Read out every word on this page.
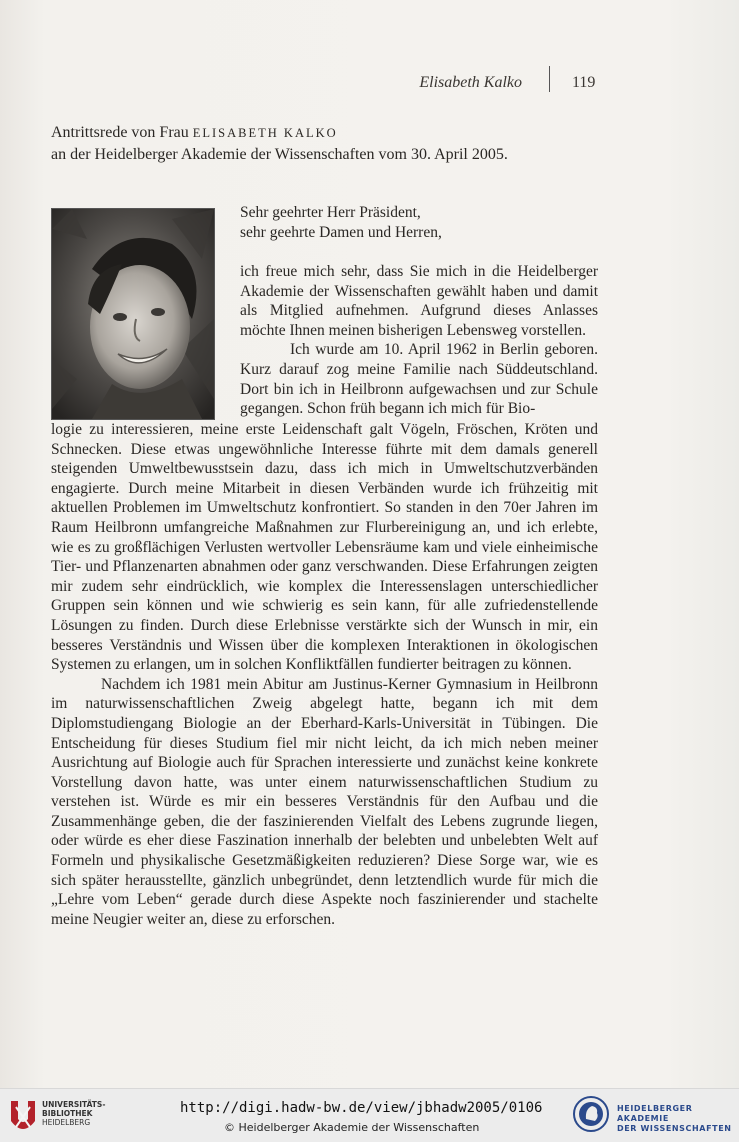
Elisabeth Kalko	119
Antrittsrede von Frau ELISABETH KALKO
an der Heidelberger Akademie der Wissenschaften vom 30. April 2005.

Sehr geehrter Herr Präsident,

sehr geehrte Damen und Herren,

ich freue mich sehr, dass Sie mich in die Heidelberger Akademie der Wissenschaften gewählt haben und damit als Mitglied aufnehmen. Aufgrund dieses Anlasses möchte Ihnen meinen bisherigen Lebensweg vorstellen.

Ich wurde am 10. April 1962 in Berlin geboren. Kurz darauf zog meine Familie nach Süddeutschland. Dort bin ich in Heilbronn aufgewachsen und zur Schule gegangen. Schon früh begann ich mich für Bio-

logie zu interessieren, meine erste Leidenschaft galt Vögeln, Fröschen, Kröten und Schnecken. Diese etwas ungewöhnliche Interesse führte mit dem damals generell steigenden Umweltbewusstsein dazu, dass ich mich in Umweltschutzverbänden engagierte. Durch meine Mitarbeit in diesen Verbänden wurde ich frühzeitig mit aktuellen Problemen im Umweltschutz konfrontiert. So standen in den 70er Jahren im Raum Heilbronn umfangreiche Maßnahmen zur Flurbereinigung an, und ich erlebte, wie es zu großflächigen Verlusten wertvoller Lebensräume kam und viele einheimische Tier- und Pflanzenarten abnahmen oder ganz verschwanden. Diese Erfahrungen zeigten mir zudem sehr eindrücklich, wie komplex die Interessenslagen unterschiedlicher Gruppen sein können und wie schwierig es sein kann, für alle zufriedenstellende Lösungen zu finden. Durch diese Erlebnisse verstärkte sich der Wunsch in mir, ein besseres Verständnis und Wissen über die komplexen Interaktionen in ökologischen Systemen zu erlangen, um in solchen Konfliktfällen fundierter beitragen zu können.

Nachdem ich 1981 mein Abitur am Justinus-Kerner Gymnasium in Heilbronn im naturwissenschaftlichen Zweig abgelegt hatte, begann ich mit dem Diplomstudiengang Biologie an der Eberhard-Karls-Universität in Tübingen. Die Entscheidung für dieses Studium fiel mir nicht leicht, da ich mich neben meiner Ausrichtung auf Biologie auch für Sprachen interessierte und zunächst keine konkrete Vorstellung davon hatte, was unter einem naturwissenschaftlichen Studium zu verstehen ist. Würde es mir ein besseres Verständnis für den Aufbau und die Zusammenhänge geben, die der faszinierenden Vielfalt des Lebens zugrunde liegen, oder würde es eher diese Faszination innerhalb der belebten und unbelebten Welt auf Formeln und physikalische Gesetzmäßigkeiten reduzieren? Diese Sorge war, wie es sich später herausstellte, gänzlich unbegründet, denn letztendlich wurde für mich die „Lehre vom Leben“ gerade durch diese Aspekte noch faszinierender und stachelte meine Neugier weiter an, diese zu erforschen.

UNIVERSITÄTS-
BIBLIOTHEK
HEIDELBERG
http://digi.hadw-bw.de/view/jbhadw2005/0106
© Heidelberger Akademie der Wissenschaften
HEIDELBERGER AKADEMIE
DER WISSENSCHAFTEN
